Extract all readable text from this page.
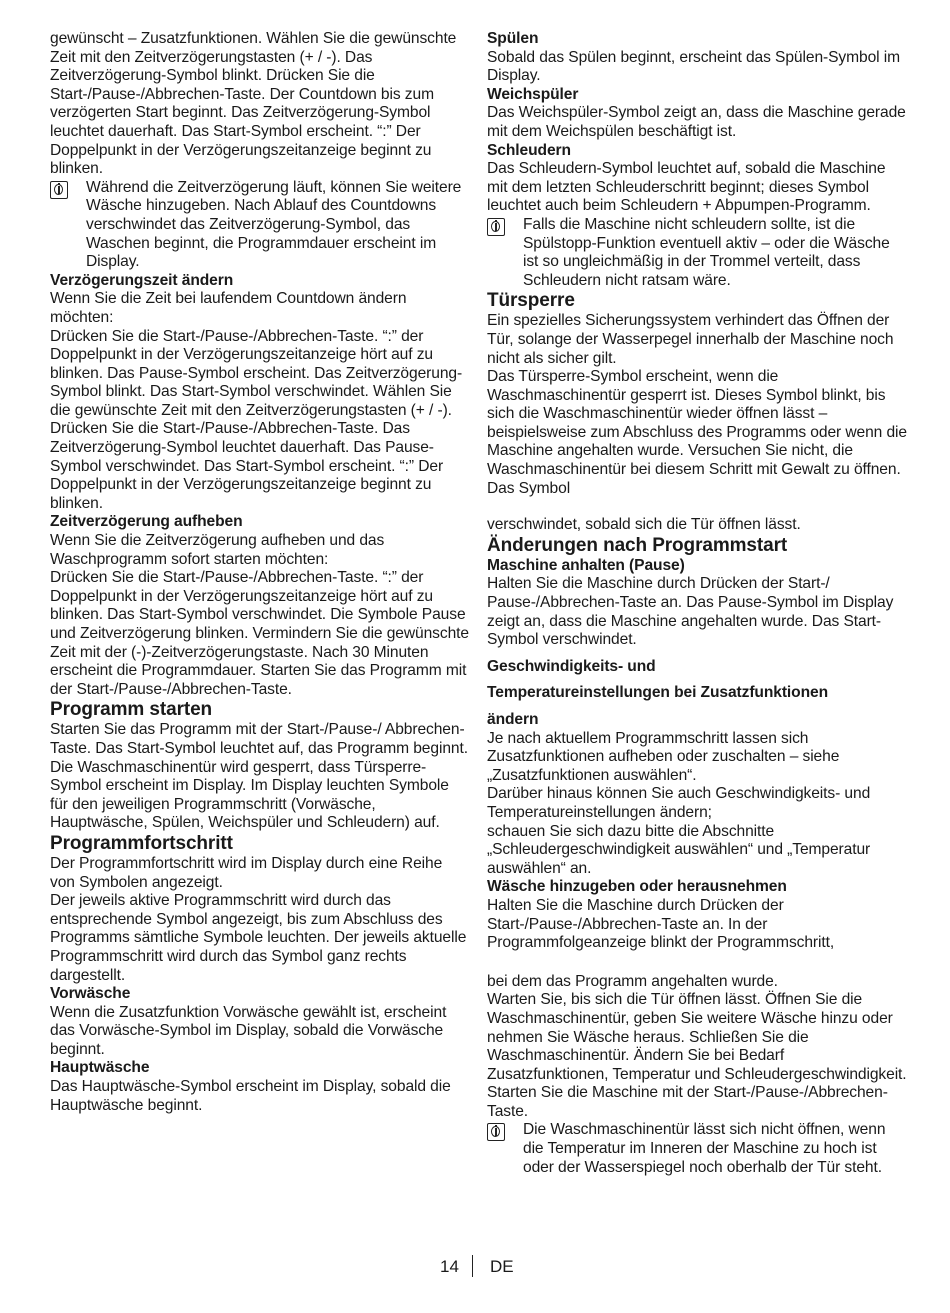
gewünscht – Zusatzfunktionen. Wählen Sie die gewünschte Zeit mit den Zeitverzögerungstasten (+ / -). Das Zeitverzögerung-Symbol blinkt. Drücken Sie die Start-/Pause-/Abbrechen-Taste. Der Countdown bis zum verzögerten Start beginnt. Das Zeitverzögerung-Symbol leuchtet dauerhaft. Das Start-Symbol erscheint. “:” Der Doppelpunkt in der Verzögerungszeitanzeige beginnt zu blinken.

Während die Zeitverzögerung läuft, können Sie weitere Wäsche hinzugeben. Nach Ablauf des Countdowns verschwindet das Zeitverzögerung-Symbol, das Waschen beginnt, die Programmdauer erscheint im Display.

Verzögerungszeit ändern

Wenn Sie die Zeit bei laufendem Countdown ändern möchten:

Drücken Sie die Start-/Pause-/Abbrechen-Taste. “:” der Doppelpunkt in der Verzögerungszeitanzeige hört auf zu blinken. Das Pause-Symbol erscheint. Das Zeitverzögerung-Symbol blinkt. Das Start-Symbol verschwindet. Wählen Sie die gewünschte Zeit mit den Zeitverzögerungstasten (+ / -). Drücken Sie die Start-/Pause-/Abbrechen-Taste. Das Zeitverzögerung-Symbol leuchtet dauerhaft. Das Pause-Symbol verschwindet. Das Start-Symbol erscheint. “:” Der Doppelpunkt in der Verzögerungszeitanzeige beginnt zu blinken.

Zeitverzögerung aufheben

Wenn Sie die Zeitverzögerung aufheben und das Waschprogramm sofort starten möchten:

Drücken Sie die Start-/Pause-/Abbrechen-Taste. “:” der Doppelpunkt in der Verzögerungszeitanzeige hört auf zu blinken. Das Start-Symbol verschwindet. Die Symbole Pause und Zeitverzögerung blinken. Vermindern Sie die gewünschte Zeit mit der (-)-Zeitverzögerungstaste. Nach 30 Minuten erscheint die Programmdauer. Starten Sie das Programm mit der Start-/Pause-/Abbrechen-Taste.

Programm starten

Starten Sie das Programm mit der Start-/Pause-/ Abbrechen-Taste. Das Start-Symbol leuchtet auf, das Programm beginnt. Die Waschmaschinentür wird gesperrt, dass Türsperre-Symbol erscheint im Display. Im Display leuchten Symbole für den jeweiligen Programmschritt (Vorwäsche, Hauptwäsche, Spülen, Weichspüler und Schleudern) auf.

Programmfortschritt

Der Programmfortschritt wird im Display durch eine Reihe von Symbolen angezeigt.

Der jeweils aktive Programmschritt wird durch das entsprechende Symbol angezeigt, bis zum Abschluss des Programms sämtliche Symbole leuchten. Der jeweils aktuelle Programmschritt wird durch das Symbol ganz rechts dargestellt.

Vorwäsche

Wenn die Zusatzfunktion Vorwäsche gewählt ist, erscheint das Vorwäsche-Symbol im Display, sobald die Vorwäsche beginnt.

Hauptwäsche

Das Hauptwäsche-Symbol erscheint im Display, sobald die Hauptwäsche beginnt.

Spülen

Sobald das Spülen beginnt, erscheint das Spülen-Symbol im Display.

Weichspüler

Das Weichspüler-Symbol zeigt an, dass die Maschine gerade mit dem Weichspülen beschäftigt ist.

Schleudern

Das Schleudern-Symbol leuchtet auf, sobald die Maschine mit dem letzten Schleuderschritt beginnt; dieses Symbol leuchtet auch beim Schleudern + Abpumpen-Programm.

Falls die Maschine nicht schleudern sollte, ist die Spülstopp-Funktion eventuell aktiv – oder die Wäsche ist so ungleichmäßig in der Trommel verteilt, dass Schleudern nicht ratsam wäre.

Türsperre

Ein spezielles Sicherungssystem verhindert das Öffnen der Tür, solange der Wasserpegel innerhalb der Maschine noch nicht als sicher gilt.

Das Türsperre-Symbol erscheint, wenn die Waschmaschinentür gesperrt ist. Dieses Symbol blinkt, bis sich die Waschmaschinentür wieder öffnen lässt – beispielsweise zum Abschluss des Programms oder wenn die Maschine angehalten wurde. Versuchen Sie nicht, die Waschmaschinentür bei diesem Schritt mit Gewalt zu öffnen. Das Symbol

verschwindet, sobald sich die Tür öffnen lässt.

Änderungen nach Programmstart
Maschine anhalten (Pause)

Halten Sie die Maschine durch Drücken der Start-/ Pause-/Abbrechen-Taste an. Das Pause-Symbol im Display zeigt an, dass die Maschine angehalten wurde. Das Start-Symbol verschwindet.

Geschwindigkeits- und
Temperatureinstellungen bei Zusatzfunktionen
ändern

Je nach aktuellem Programmschritt lassen sich Zusatzfunktionen aufheben oder zuschalten – siehe „Zusatzfunktionen auswählen“.

Darüber hinaus können Sie auch Geschwindigkeits- und Temperatureinstellungen ändern;

schauen Sie sich dazu bitte die Abschnitte „Schleudergeschwindigkeit auswählen“ und „Temperatur auswählen“ an.

Wäsche hinzugeben oder herausnehmen

Halten Sie die Maschine durch Drücken der Start-/Pause-/Abbrechen-Taste an. In der Programmfolgeanzeige blinkt der Programmschritt,

bei dem das Programm angehalten wurde.

Warten Sie, bis sich die Tür öffnen lässt. Öffnen Sie die Waschmaschinentür, geben Sie weitere Wäsche hinzu oder nehmen Sie Wäsche heraus. Schließen Sie die Waschmaschinentür. Ändern Sie bei Bedarf Zusatzfunktionen, Temperatur und Schleudergeschwindigkeit. Starten Sie die Maschine mit der Start-/Pause-/Abbrechen-Taste.

Die Waschmaschinentür lässt sich nicht öffnen, wenn die Temperatur im Inneren der Maschine zu hoch ist oder der Wasserspiegel noch oberhalb der Tür steht.

14 DE
